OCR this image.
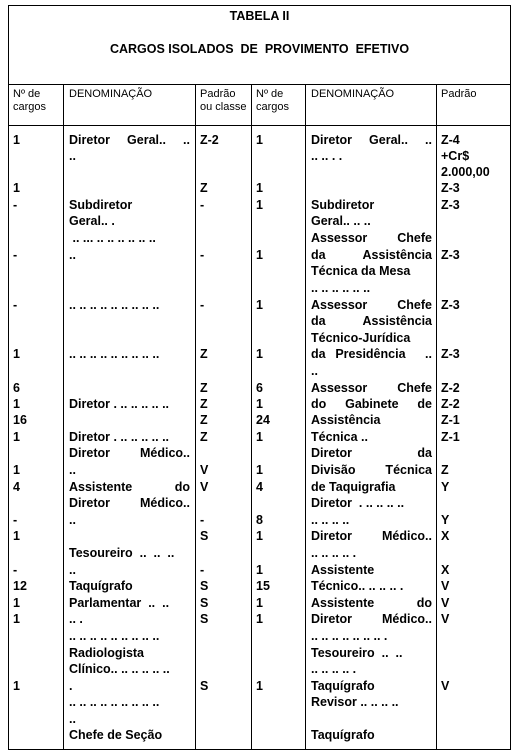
TABELA II
CARGOS ISOLADOS  DE  PROVIMENTO  EFETIVO
Nº de cargos
DENOMINAÇÃO	Padrão ou classe
Nº de cargos
DENOMINAÇÃO	Padrão
1
1
-
-
-
1
6
1
16
1
1
4
-
1
-
12
1
1
1
Diretor  Geral..  ..
..
Subdiretor
Geral.. .
.. ... .. .. .. .. .. ..
..
.. .. .. .. .. .. .. .. ..
.. .. .. .. .. .. .. .. ..
Diretor . .. .. .. .. ..
Diretor . .. .. .. .. ..
Diretor  Médico..
..
Assistente       do
Diretor   Médico..
..
Tesoureiro  ..  ..  ..
..
Taquígrafo
Parlamentar  ..  ..
.. .
.. .. .. .. .. .. .. .. ..
Radiologista
Clínico.. .. .. .. .. ..
.
.. .. .. .. .. .. .. .. ..
..
Chefe de Seção
Z-2
Z
-
-
-
Z
Z
Z
Z
Z
V
V
-
S
-
S
S
S
S
1
1
1
1
1
1
6
1
24
1
1
4
8
1
1
15
1
1
1
Diretor  Geral..  ..
.. .. . .
Subdiretor
Geral.. .. ..
Assessor   Chefe
da    Assistência
Técnica da Mesa
.. .. .. .. .. ..
Assessor   Chefe
da    Assistência
Técnico-Jurídica
da Presidência  ..
..
Assessor   Chefe
do  Gabinete  de
Assistência
Técnica ..
Diretor          da
Divisão    Técnica
de Taquigrafia
Diretor  . .. .. .. ..
.. .. .. ..
Diretor  Médico..
.. .. .. .. .
Assistente
Técnico.. .. .. .. .
Assistente       do
Diretor   Médico..
.. .. .. .. .. .. .. .
Tesoureiro  ..  ..
.. .. .. .. .
Taquígrafo
Revisor .. .. .. ..
Taquígrafo
Z-4
+Cr$
2.000,00
Z-3
Z-3
Z-3
Z-3
Z-3
Z-2
Z-2
Z-1
Z-1
Z
Y
Y
X
X
V
V
V
V
